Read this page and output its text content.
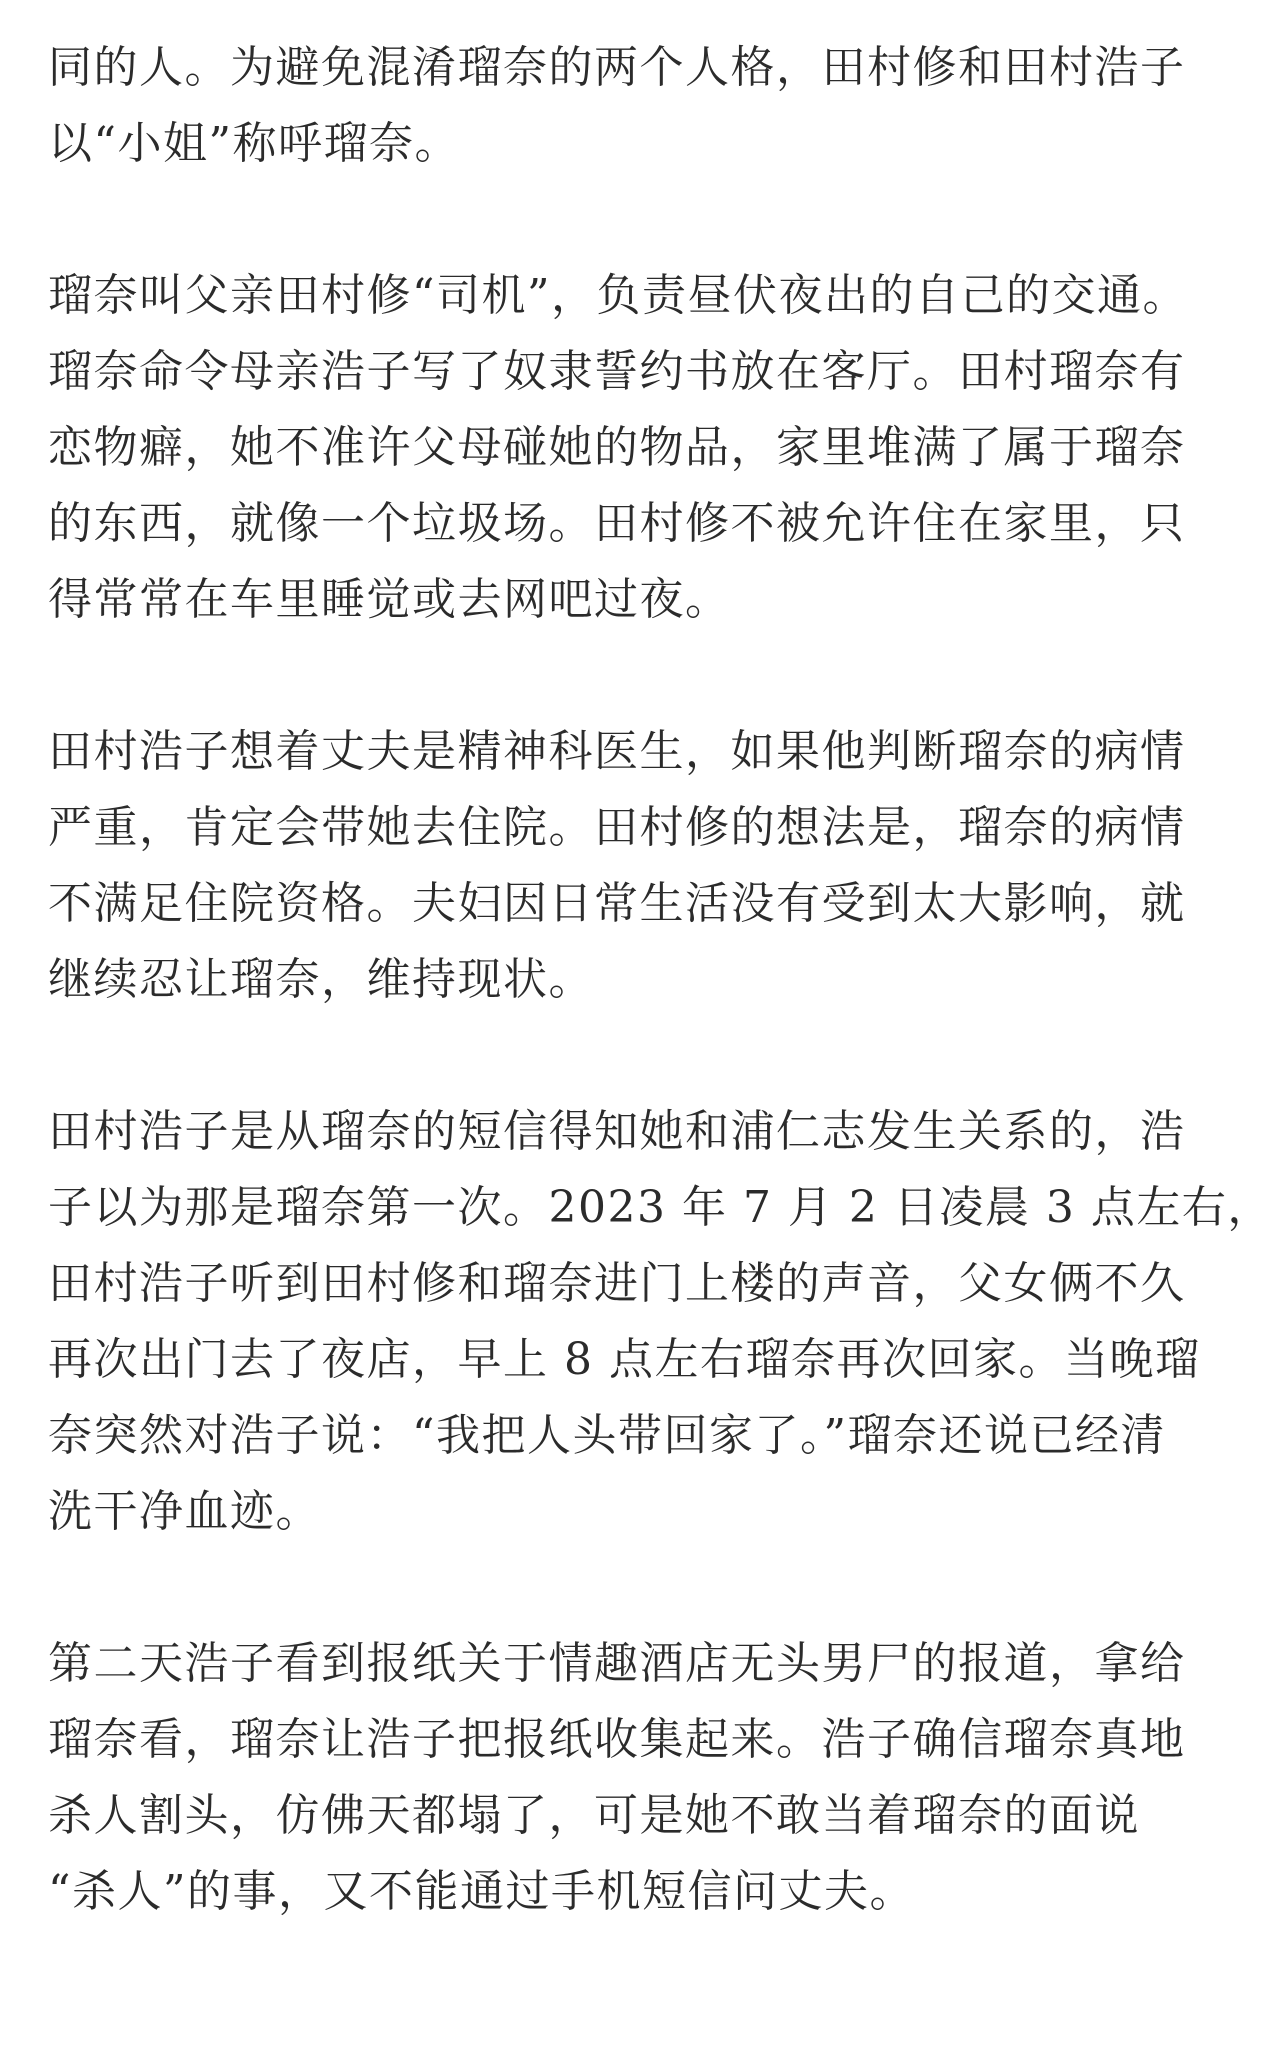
同的人。为避免混淆瑠奈的两个人格，田村修和田村浩子
以“小姐”称呼瑠奈。
瑠奈叫父亲田村修“司机”，负责昼伏夜出的自己的交通。
瑠奈命令母亲浩子写了奴隶誓约书放在客厅。田村瑠奈有
恋物癖，她不准许父母碰她的物品，家里堆满了属于瑠奈
的东西，就像一个垃圾场。田村修不被允许住在家里，只
得常常在车里睡觉或去网吧过夜。
田村浩子想着丈夫是精神科医生，如果他判断瑠奈的病情
严重，肯定会带她去住院。田村修的想法是，瑠奈的病情
不满足住院资格。夫妇因日常生活没有受到太大影响，就
继续忍让瑠奈，维持现状。
田村浩子是从瑠奈的短信得知她和浦仁志发生关系的，浩
子以为那是瑠奈第一次。2023 年 7 月 2 日凌晨 3 点左右，
田村浩子听到田村修和瑠奈进门上楼的声音，父女俩不久
再次出门去了夜店，早上 8 点左右瑠奈再次回家。当晚瑠
奈突然对浩子说：“我把人头带回家了。”瑠奈还说已经清
洗干净血迹。
第二天浩子看到报纸关于情趣酒店无头男尸的报道，拿给
瑠奈看，瑠奈让浩子把报纸收集起来。浩子确信瑠奈真地
杀人割头，仿佛天都塌了，可是她不敢当着瑠奈的面说
“杀人”的事，又不能通过手机短信问丈夫。
